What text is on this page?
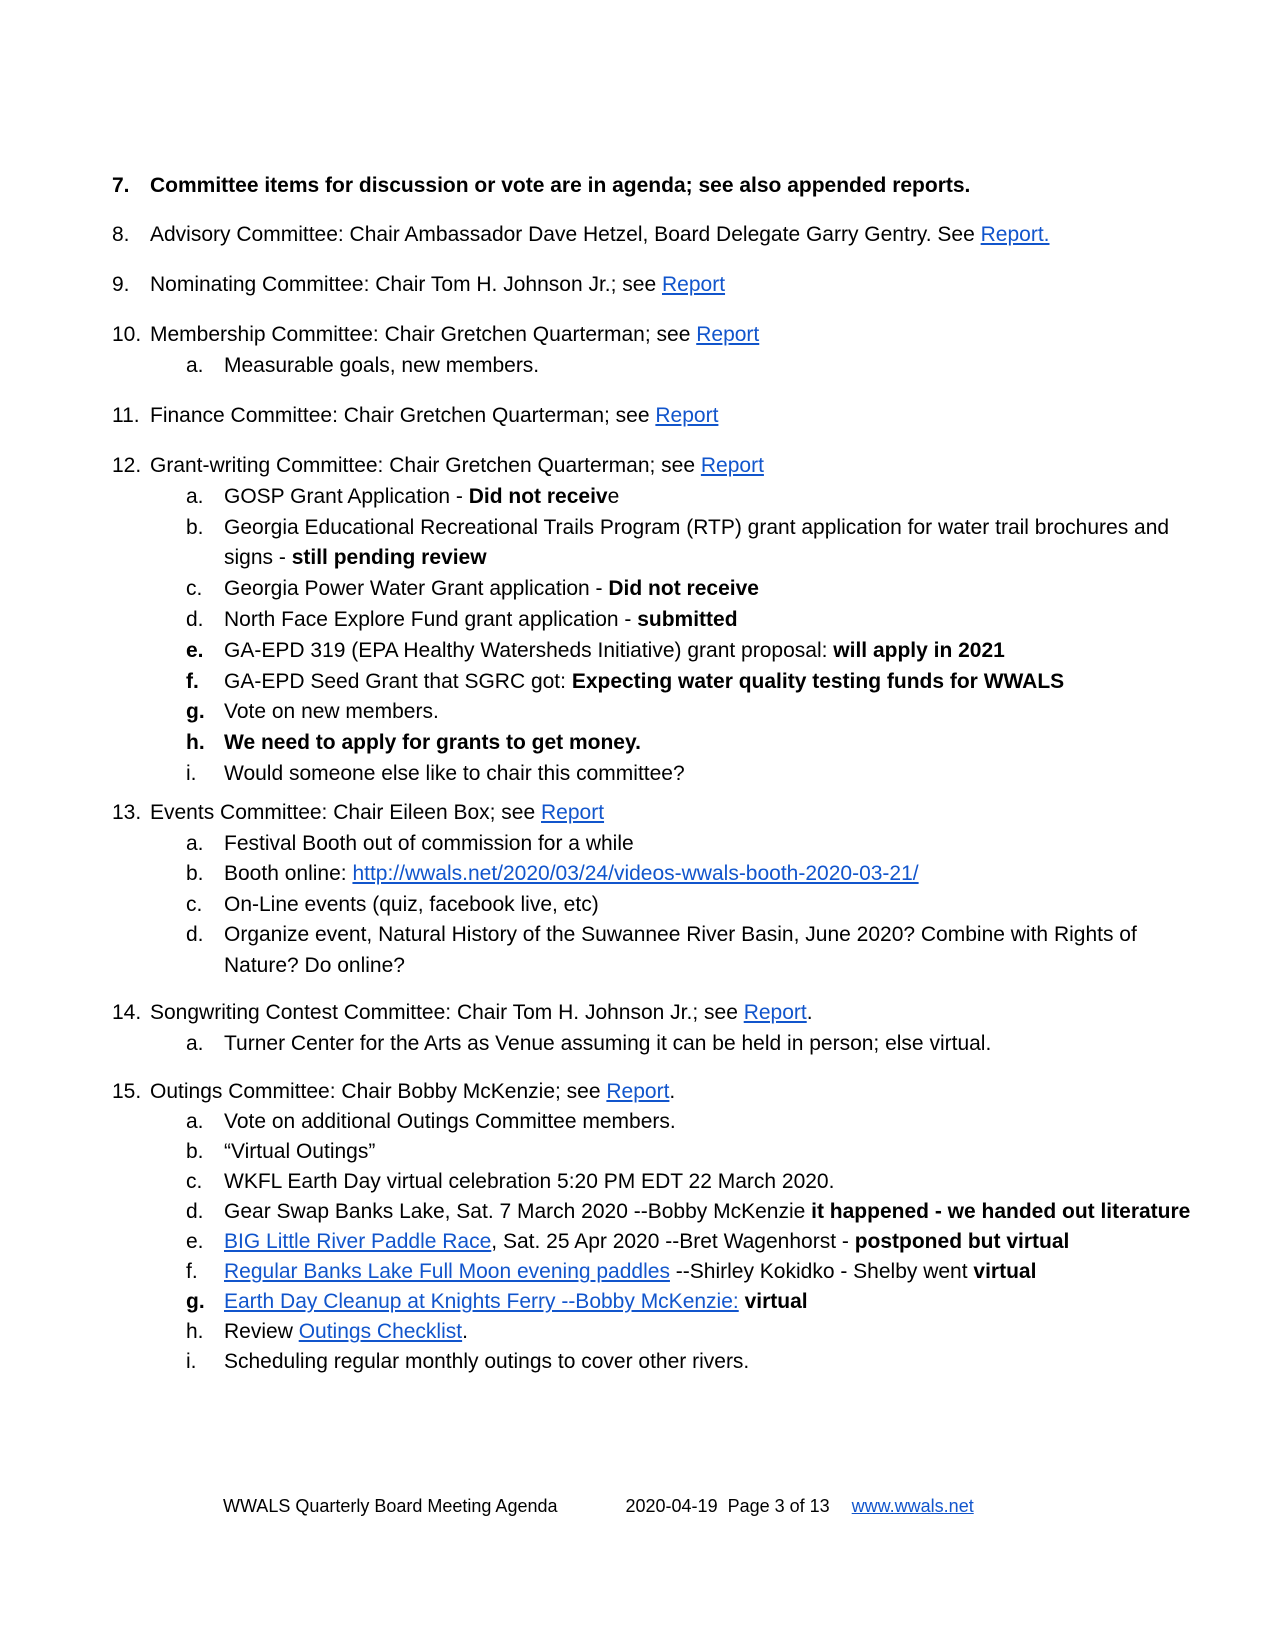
7. Committee items for discussion or vote are in agenda; see also appended reports.
8. Advisory Committee: Chair Ambassador Dave Hetzel, Board Delegate Garry Gentry. See Report.
9. Nominating Committee: Chair Tom H. Johnson Jr.; see Report
10. Membership Committee: Chair Gretchen Quarterman; see Report
a. Measurable goals, new members.
11. Finance Committee: Chair Gretchen Quarterman; see Report
12. Grant-writing Committee: Chair Gretchen Quarterman; see Report
a. GOSP Grant Application - Did not receive
b. Georgia Educational Recreational Trails Program (RTP) grant application for water trail brochures and signs - still pending review
c. Georgia Power Water Grant application - Did not receive
d. North Face Explore Fund grant application - submitted
e. GA-EPD 319 (EPA Healthy Watersheds Initiative) grant proposal: will apply in 2021
f. GA-EPD Seed Grant that SGRC got: Expecting water quality testing funds for WWALS
g. Vote on new members.
h. We need to apply for grants to get money.
i. Would someone else like to chair this committee?
13. Events Committee: Chair Eileen Box; see Report
a. Festival Booth out of commission for a while
b. Booth online: http://wwals.net/2020/03/24/videos-wwals-booth-2020-03-21/
c. On-Line events (quiz, facebook live, etc)
d. Organize event, Natural History of the Suwannee River Basin, June 2020? Combine with Rights of Nature? Do online?
14. Songwriting Contest Committee: Chair Tom H. Johnson Jr.; see Report.
a. Turner Center for the Arts as Venue assuming it can be held in person; else virtual.
15. Outings Committee: Chair Bobby McKenzie; see Report.
a. Vote on additional Outings Committee members.
b. “Virtual Outings”
c. WKFL Earth Day virtual celebration 5:20 PM EDT 22 March 2020.
d. Gear Swap Banks Lake, Sat. 7 March 2020 --Bobby McKenzie it happened - we handed out literature
e. BIG Little River Paddle Race, Sat. 25 Apr 2020 --Bret Wagenhorst - postponed but virtual
f. Regular Banks Lake Full Moon evening paddles --Shirley Kokidko - Shelby went virtual
g. Earth Day Cleanup at Knights Ferry --Bobby McKenzie: virtual
h. Review Outings Checklist.
i. Scheduling regular monthly outings to cover other rivers.
WWALS Quarterly Board Meeting Agenda	2020-04-19  Page 3 of 13 www.wwals.net
